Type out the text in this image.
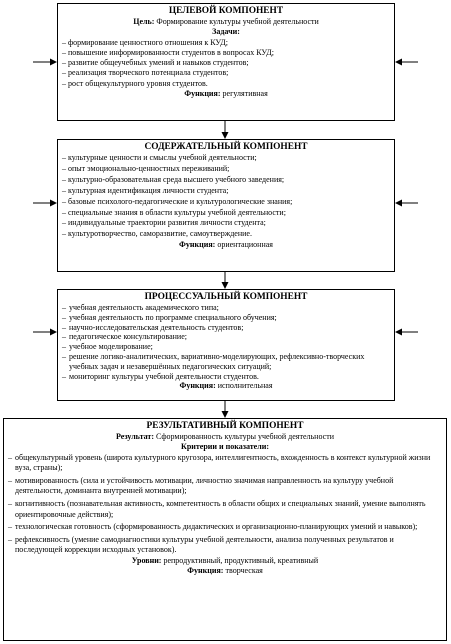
ЦЕЛЕВОЙ КОМПОНЕНТ
Цель: Формирование культуры учебной деятельности
Задачи:
– формирование ценностного отношения к КУД;
– повышение информированности студентов в вопросах КУД;
– развитие общеучебных умений и навыков студентов;
– реализация творческого потенциала студентов;
– рост общекультурного уровня студентов.
Функция: регулятивная
СОДЕРЖАТЕЛЬНЫЙ КОМПОНЕНТ
– культурные ценности и смыслы учебной деятельности;
– опыт эмоционально-ценностных переживаний;
– культурно-образовательная среда высшего учебного заведения;
– культурная идентификация личности студента;
– базовые психолого-педагогические и культурологические знания;
– специальные знания в области культуры учебной деятельности;
– индивидуальные траектории развития личности студента;
– культуротворчество, саморазвитие, самоутверждение.
Функция: ориентационная
ПРОЦЕССУАЛЬНЫЙ КОМПОНЕНТ
– учебная деятельность академического типа;
– учебная деятельность по программе специального обучения;
– научно-исследовательская деятельность студентов;
– педагогическое консультирование;
– учебное моделирование;
– решение логико-аналитических, вариативно-моделирующих, рефлексивно-творческих учебных задач и незавершённых педагогических ситуаций;
– мониторинг культуры учебной деятельности студентов.
Функция: исполнительная
РЕЗУЛЬТАТИВНЫЙ КОМПОНЕНТ
Результат: Сформированность культуры учебной деятельности
Критерии и показатели:
– общекультурный уровень (широта культурного кругозора, интеллигентность, вхожденность в контекст культурной жизни вуза, страны);
– мотивированность (сила и устойчивость мотивации, личностно значимая направленность на культуру учебной деятельности, доминанта внутренней мотивации);
– когнитивность (познавательная активность, компетентность в области общих и специальных знаний, умение выполнять ориентировочные действия);
– технологическая готовность (сформированность дидактических и организационно-планирующих умений и навыков);
– рефлексивность (умение самодиагностики культуры учебной деятельности, анализа полученных результатов и последующей коррекции исходных установок).
Уровни: репродуктивный, продуктивный, креативный
Функция: творческая
